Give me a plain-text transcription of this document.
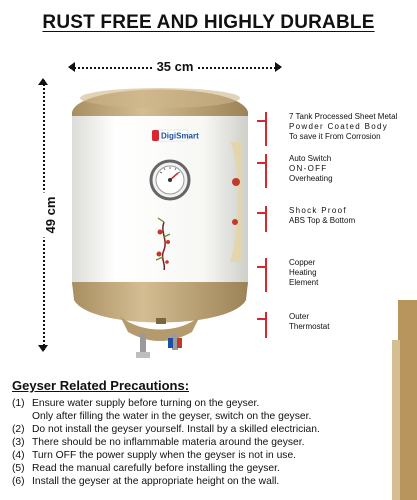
RUST FREE AND HIGHLY DURABLE
35 cm
49 cm
DigiSmart
7 Tank Processed Sheet Metal
Powder Coated Body
To save it From Corrosion
Auto Switch
ON-OFF
Overheating
Shock Proof
ABS Top & Bottom
Copper
Heating
Element
Outer
Thermostat
Geyser Related Precautions:
(1) Ensure water supply before turning on the geyser.
Only after filling the water in the geyser, switch on the geyser.
(2) Do not install the geyser yourself. Install by a skilled electrician.
(3) There should be no inflammable materia around the geyser.
(4) Turn OFF the power supply when the geyser is not in use.
(5) Read the manual carefully before installing the geyser.
(6) Install the geyser at the appropriate height on the wall.
